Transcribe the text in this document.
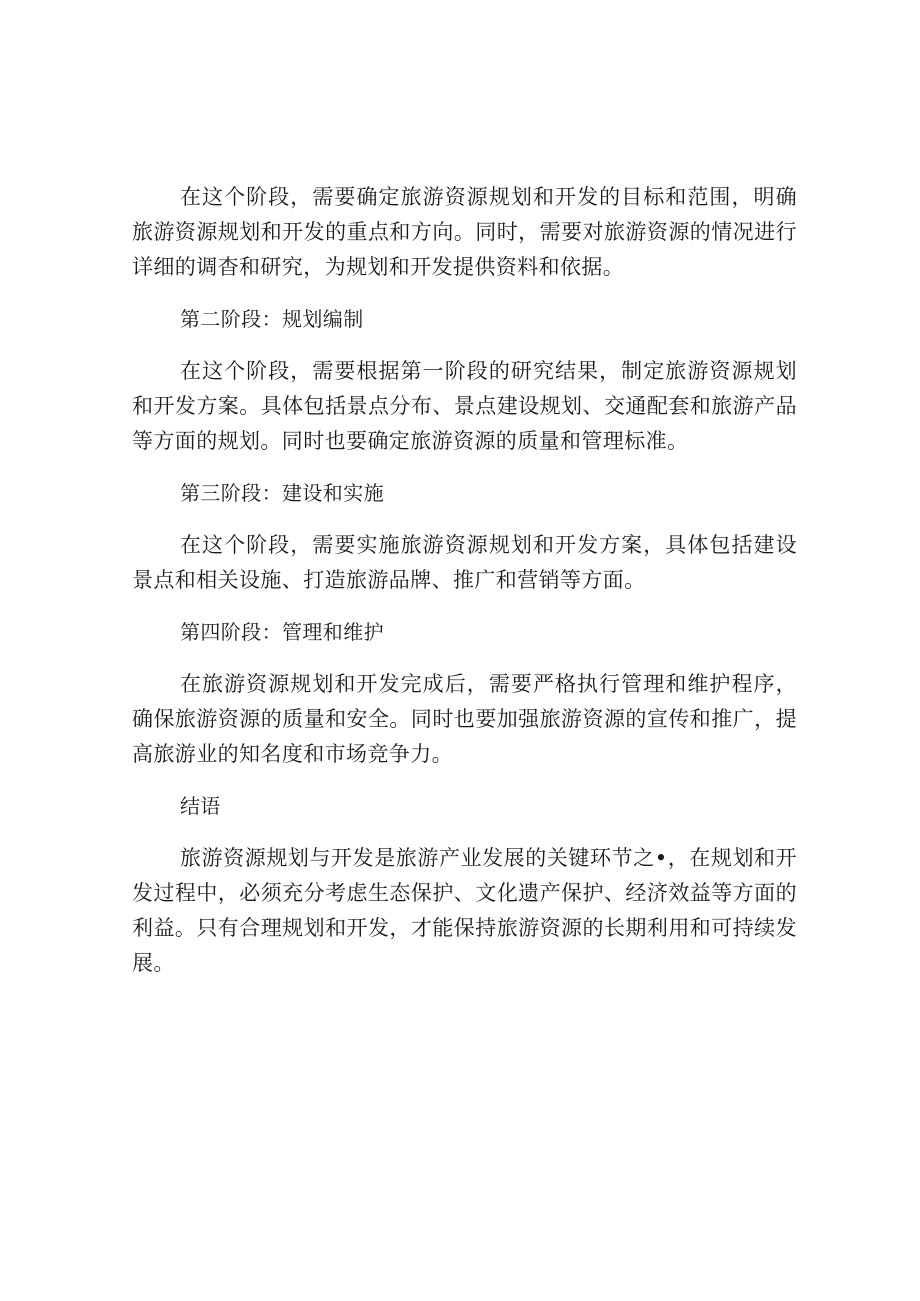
在这个阶段，需要确定旅游资源规划和开发的目标和范围，明确旅游资源规划和开发的重点和方向。同时，需要对旅游资源的情况进行详细的调杳和研究，为规划和开发提供资料和依据。

第二阶段：规划编制

在这个阶段，需要根据第一阶段的研究结果，制定旅游资源规划和开发方案。具体包括景点分布、景点建设规划、交通配套和旅游产品等方面的规划。同时也要确定旅游资源的质量和管理标准。

第三阶段：建设和实施

在这个阶段，需要实施旅游资源规划和开发方案，具体包括建设景点和相关设施、打造旅游品牌、推广和营销等方面。

第四阶段：管理和维护

在旅游资源规划和开发完成后，需要严格执行管理和维护程序，确保旅游资源的质量和安全。同时也要加强旅游资源的宣传和推广，提高旅游业的知名度和市场竞争力。

结语

旅游资源规划与开发是旅游产业发展的关键环节之•，在规划和开发过程中，必须充分考虑生态保护、文化遗产保护、经济效益等方面的利益。只有合理规划和开发，才能保持旅游资源的长期利用和可持续发展。
